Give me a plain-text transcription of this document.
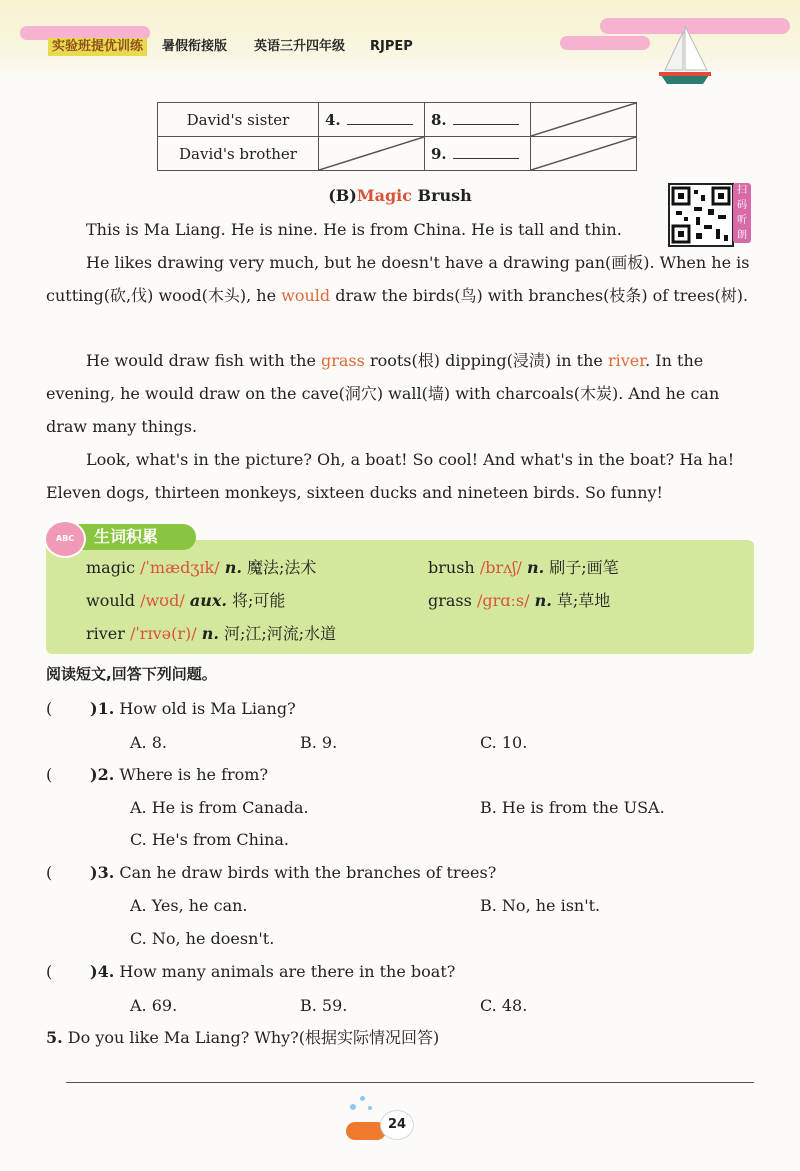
实验班提优训练	暑假衔接版 英语三升四年级 RJPEP
David's sister	4.	8.	

David's brother		9.	
(B)Magic Brush	扫码听朗读

This is Ma Liang. He is nine. He is from China. He is tall and thin.

He likes drawing very much, but he doesn't have a drawing pan(画板). When he is cutting(砍,伐) wood(木头), he would draw the birds(鸟) with branches(枝条) of trees(树).

He would draw fish with the grass roots(根) dipping(浸渍) in the river. In the evening, he would draw on the cave(洞穴) wall(墙) with charcoals(木炭). And he can draw many things.

Look, what's in the picture? Oh, a boat! So cool! And what's in the boat? Ha ha! Eleven dogs, thirteen monkeys, sixteen ducks and nineteen birds. So funny!

生词积累
ABC
magic /ˈmædʒɪk/ n. 魔法;法术	brush /brʌʃ/ n. 刷子;画笔
would /wʊd/ aux. 将;可能	grass /grɑːs/ n. 草;草地
river /ˈrɪvə(r)/ n. 河;江;河流;水道
阅读短文,回答下列问题。
( )1. How old is Ma Liang?
A. 8.	B. 9.	C. 10.
( )2. Where is he from?
A. He is from Canada.	B. He is from the USA.
C. He's from China.
( )3. Can he draw birds with the branches of trees?
A. Yes, he can.	B. No, he isn't.
C. No, he doesn't.
( )4. How many animals are there in the boat?
A. 69.	B. 59.	C. 48.
5. Do you like Ma Liang? Why?(根据实际情况回答)
24
